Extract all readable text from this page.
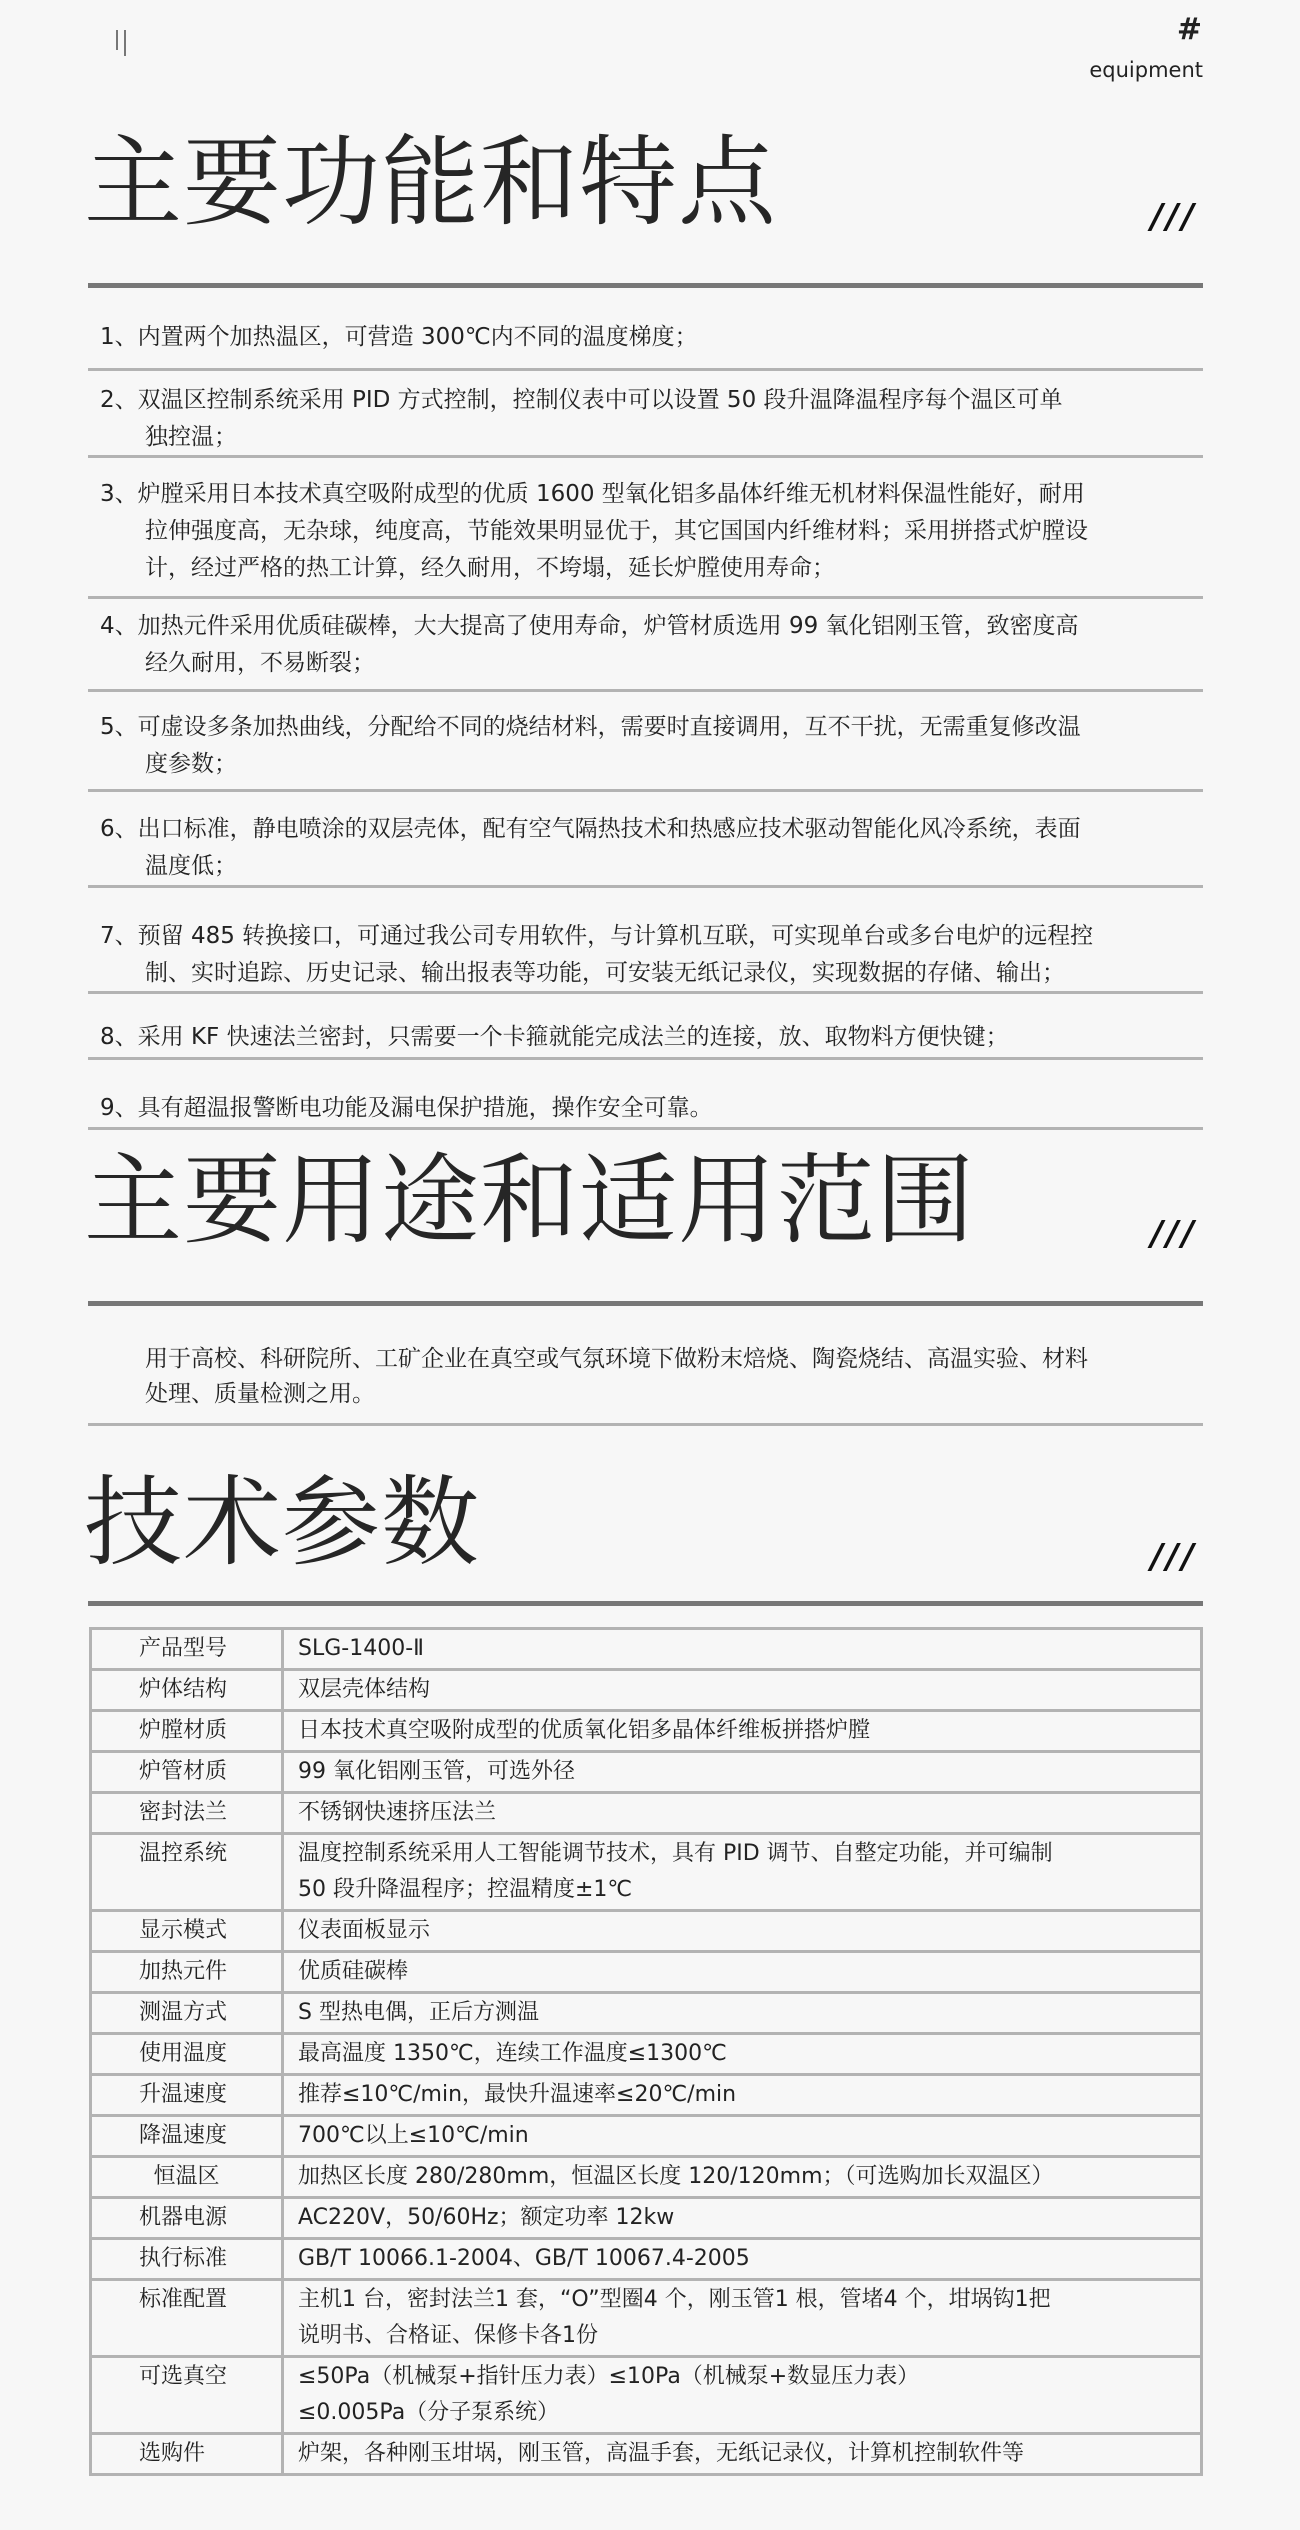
#
equipment
主要功能和特点	///
1、内置两个加热温区，可营造 300℃内不同的温度梯度；
2、双温区控制系统采用 PID 方式控制，控制仪表中可以设置 50 段升温降温程序每个温区可单
独控温；
3、炉膛采用日本技术真空吸附成型的优质 1600 型氧化铝多晶体纤维无机材料保温性能好，耐用
拉伸强度高，无杂球，纯度高，节能效果明显优于，其它国国内纤维材料；采用拼搭式炉膛设
计，经过严格的热工计算，经久耐用，不垮塌，延长炉膛使用寿命；
4、加热元件采用优质硅碳棒，大大提高了使用寿命，炉管材质选用 99 氧化铝刚玉管，致密度高
经久耐用，不易断裂；
5、可虚设多条加热曲线，分配给不同的烧结材料，需要时直接调用，互不干扰，无需重复修改温
度参数；
6、出口标准，静电喷涂的双层壳体，配有空气隔热技术和热感应技术驱动智能化风冷系统，表面
温度低；
7、预留 485 转换接口，可通过我公司专用软件，与计算机互联，可实现单台或多台电炉的远程控
制、实时追踪、历史记录、输出报表等功能，可安装无纸记录仪，实现数据的存储、输出；
8、采用 KF 快速法兰密封，只需要一个卡箍就能完成法兰的连接，放、取物料方便快键；
9、具有超温报警断电功能及漏电保护措施，操作安全可靠。
主要用途和适用范围	///
用于高校、科研院所、工矿企业在真空或气氛环境下做粉末焙烧、陶瓷烧结、高温实验、材料
处理、质量检测之用。
技术参数	///
产品型号	SLG-1400-Ⅱ

炉体结构	双层壳体结构

炉膛材质	日本技术真空吸附成型的优质氧化铝多晶体纤维板拼搭炉膛

炉管材质	99 氧化铝刚玉管，可选外径

密封法兰	不锈钢快速挤压法兰

温控系统	温度控制系统采用人工智能调节技术，具有 PID 调节、自整定功能，并可编制
50 段升降温程序；控温精度±1℃

显示模式	仪表面板显示

加热元件	优质硅碳棒

测温方式	S 型热电偶，正后方测温

使用温度	最高温度 1350℃，连续工作温度≤1300℃

升温速度	推荐≤10℃/min，最快升温速率≤20℃/min

降温速度	700℃以上≤10℃/min

恒温区	加热区长度 280/280mm，恒温区长度 120/120mm；（可选购加长双温区）

机器电源	AC220V，50/60Hz；额定功率 12kw

执行标准	GB/T 10066.1-2004、GB/T 10067.4-2005

标准配置	主机1 台，密封法兰1 套，“O”型圈4 个，刚玉管1 根，管堵4 个，坩埚钩1把
说明书、合格证、保修卡各1份

可选真空	≤50Pa（机械泵+指针压力表）≤10Pa（机械泵+数显压力表）
≤0.005Pa（分子泵系统）

选购件	炉架，各种刚玉坩埚，刚玉管，高温手套，无纸记录仪，计算机控制软件等
